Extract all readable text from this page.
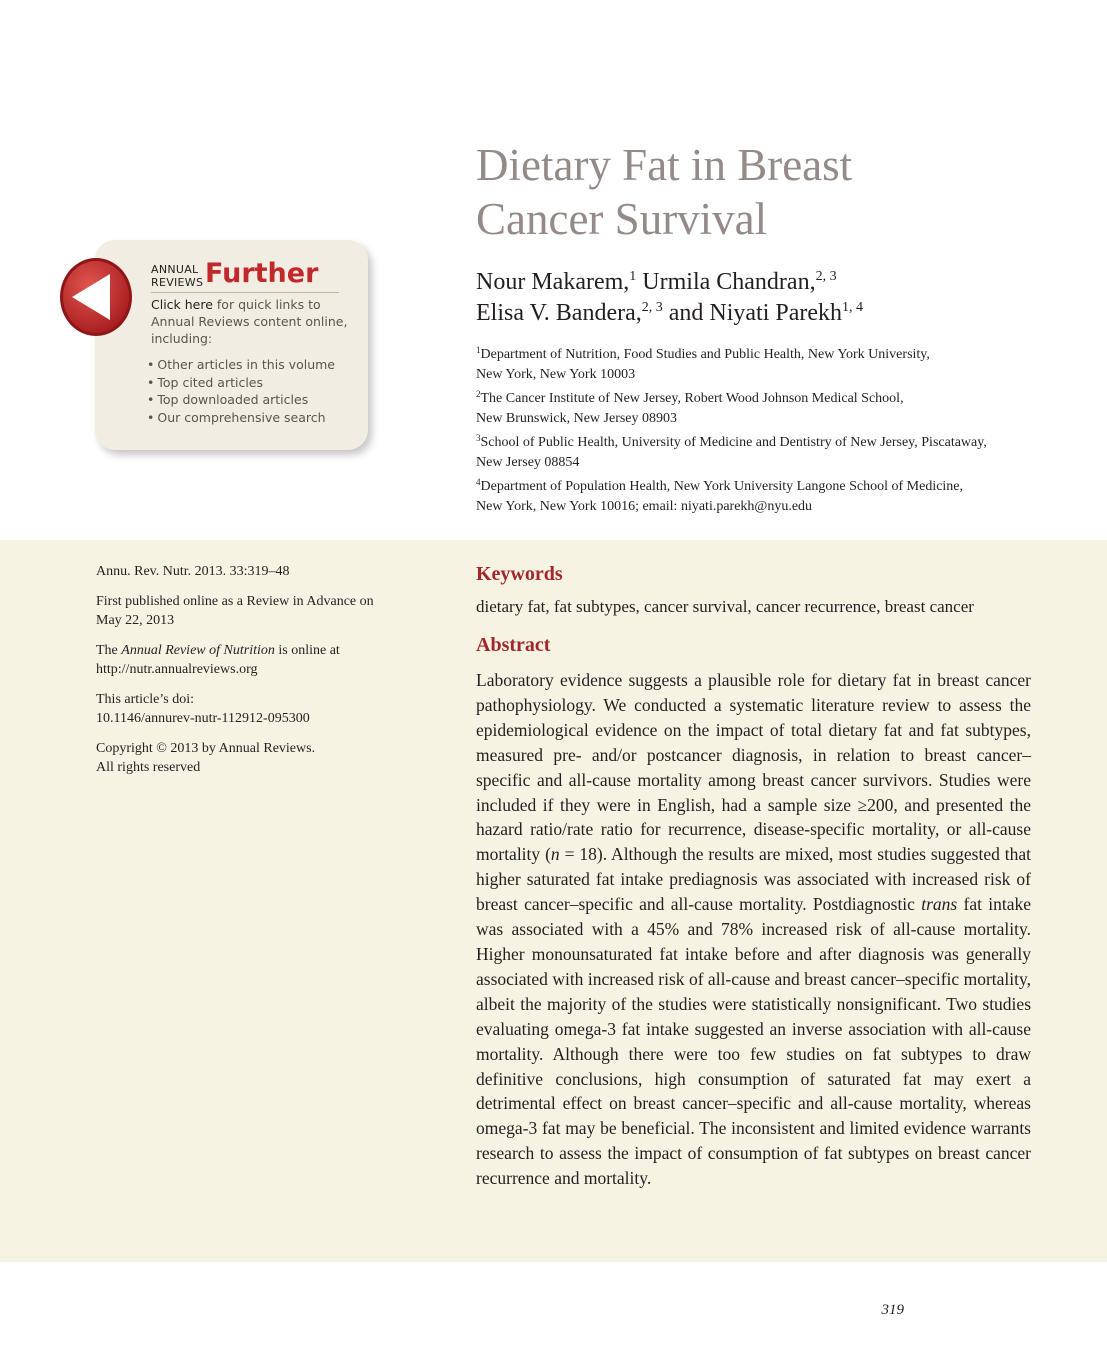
Dietary Fat in Breast
Cancer Survival
Nour Makarem,$^1$ Urmila Chandran,$^{2, 3}$
Elisa V. Bandera,$^{2, 3}$ and Niyati Parekh$^{1, 4}$

$^1$Department of Nutrition, Food Studies and Public Health, New York University,
New York, New York 10003

$^2$The Cancer Institute of New Jersey, Robert Wood Johnson Medical School,
New Brunswick, New Jersey 08903

$^3$School of Public Health, University of Medicine and Dentistry of New Jersey, Piscataway,
New Jersey 08854

$^4$Department of Population Health, New York University Langone School of Medicine,
New York, New York 10016; email: niyati.parekh@nyu.edu

ANNUAL
REVIEWS Further
Click here for quick links to Annual Reviews content online, including:
• Other articles in this volume
• Top cited articles
• Top downloaded articles
• Our comprehensive search

Annu. Rev. Nutr. 2013. 33:319–48

First published online as a Review in Advance on
May 22, 2013

The Annual Review of Nutrition is online at
http://nutr.annualreviews.org

This article’s doi:
10.1146/annurev-nutr-112912-095300

Copyright © 2013 by Annual Reviews.
All rights reserved

Keywords

dietary fat, fat subtypes, cancer survival, cancer recurrence, breast cancer

Abstract

Laboratory evidence suggests a plausible role for dietary fat in breast cancer pathophysiology. We conducted a systematic literature review to assess the epidemiological evidence on the impact of total dietary fat and fat subtypes, measured pre- and/or postcancer diagnosis, in relation to breast cancer–specific and all-cause mortality among breast cancer survivors. Studies were included if they were in English, had a sample size ≥200, and presented the hazard ratio/rate ratio for recurrence, disease-specific mortality, or all-cause mortality (n = 18). Although the results are mixed, most studies suggested that higher saturated fat intake prediagnosis was associated with increased risk of breast cancer–specific and all-cause mortality. Postdiagnostic trans fat intake was associated with a 45% and 78% increased risk of all-cause mortality. Higher monounsaturated fat intake before and after diagnosis was generally associated with increased risk of all-cause and breast cancer–specific mortality, albeit the majority of the studies were statistically nonsignificant. Two studies evaluating omega-3 fat intake suggested an inverse association with all-cause mortality. Although there were too few studies on fat subtypes to draw definitive conclusions, high consumption of saturated fat may exert a detrimental effect on breast cancer–specific and all-cause mortality, whereas omega-3 fat may be beneficial. The inconsistent and limited evidence warrants research to assess the impact of consumption of fat subtypes on breast cancer recurrence and mortality.

319
